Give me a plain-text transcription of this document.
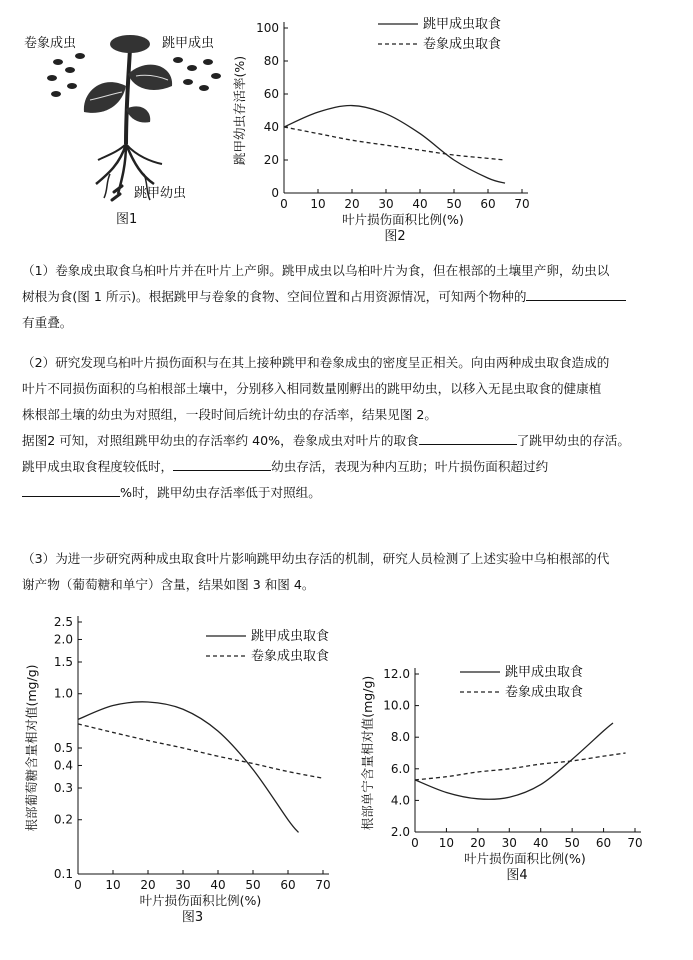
卷象成虫	跳甲成虫
跳甲幼虫
图1
0 10 20 30 40 50 60 70
0
20
40
60
80
100
叶片损伤面积比例(%)
跳甲幼虫存活率(%)
图2
跳甲成虫取食
卷象成虫取食
（1）卷象成虫取食乌桕叶片并在叶片上产卵。跳甲成虫以乌桕叶片为食，但在根部的土壤里产卵，幼虫以
树根为食(图 1 所示)。根据跳甲与卷象的食物、空间位置和占用资源情况，可知两个物种的
有重叠。
（2）研究发现乌桕叶片损伤面积与在其上接种跳甲和卷象成虫的密度呈正相关。向由两种成虫取食造成的
叶片不同损伤面积的乌桕根部土壤中，分别移入相同数量刚孵出的跳甲幼虫，以移入无昆虫取食的健康植
株根部土壤的幼虫为对照组，一段时间后统计幼虫的存活率，结果见图 2。
据图2 可知，对照组跳甲幼虫的存活率约 40%，卷象成虫对叶片的取食	了跳甲幼虫的存活。
跳甲成虫取食程度较低时，	幼虫存活，表现为种内互助；叶片损伤面积超过约
%时，跳甲幼虫存活率低于对照组。
（3）为进一步研究两种成虫取食叶片影响跳甲幼虫存活的机制，研究人员检测了上述实验中乌桕根部的代
谢产物（葡萄糖和单宁）含量，结果如图 3 和图 4。
0 10 20 30 40 50 60 70
0.1
0.2
0.3
0.4
0.5
1.0
1.5
2.0
2.5
叶片损伤面积比例(%)
根部葡萄糖含量相对值(mg/g)
图3
跳甲成虫取食
卷象成虫取食
0 10 20 30 40 50 60 70
2.0
4.0
6.0
8.0
10.0
12.0
叶片损伤面积比例(%)
根部单宁含量相对值(mg/g)
图4
跳甲成虫取食
卷象成虫取食
